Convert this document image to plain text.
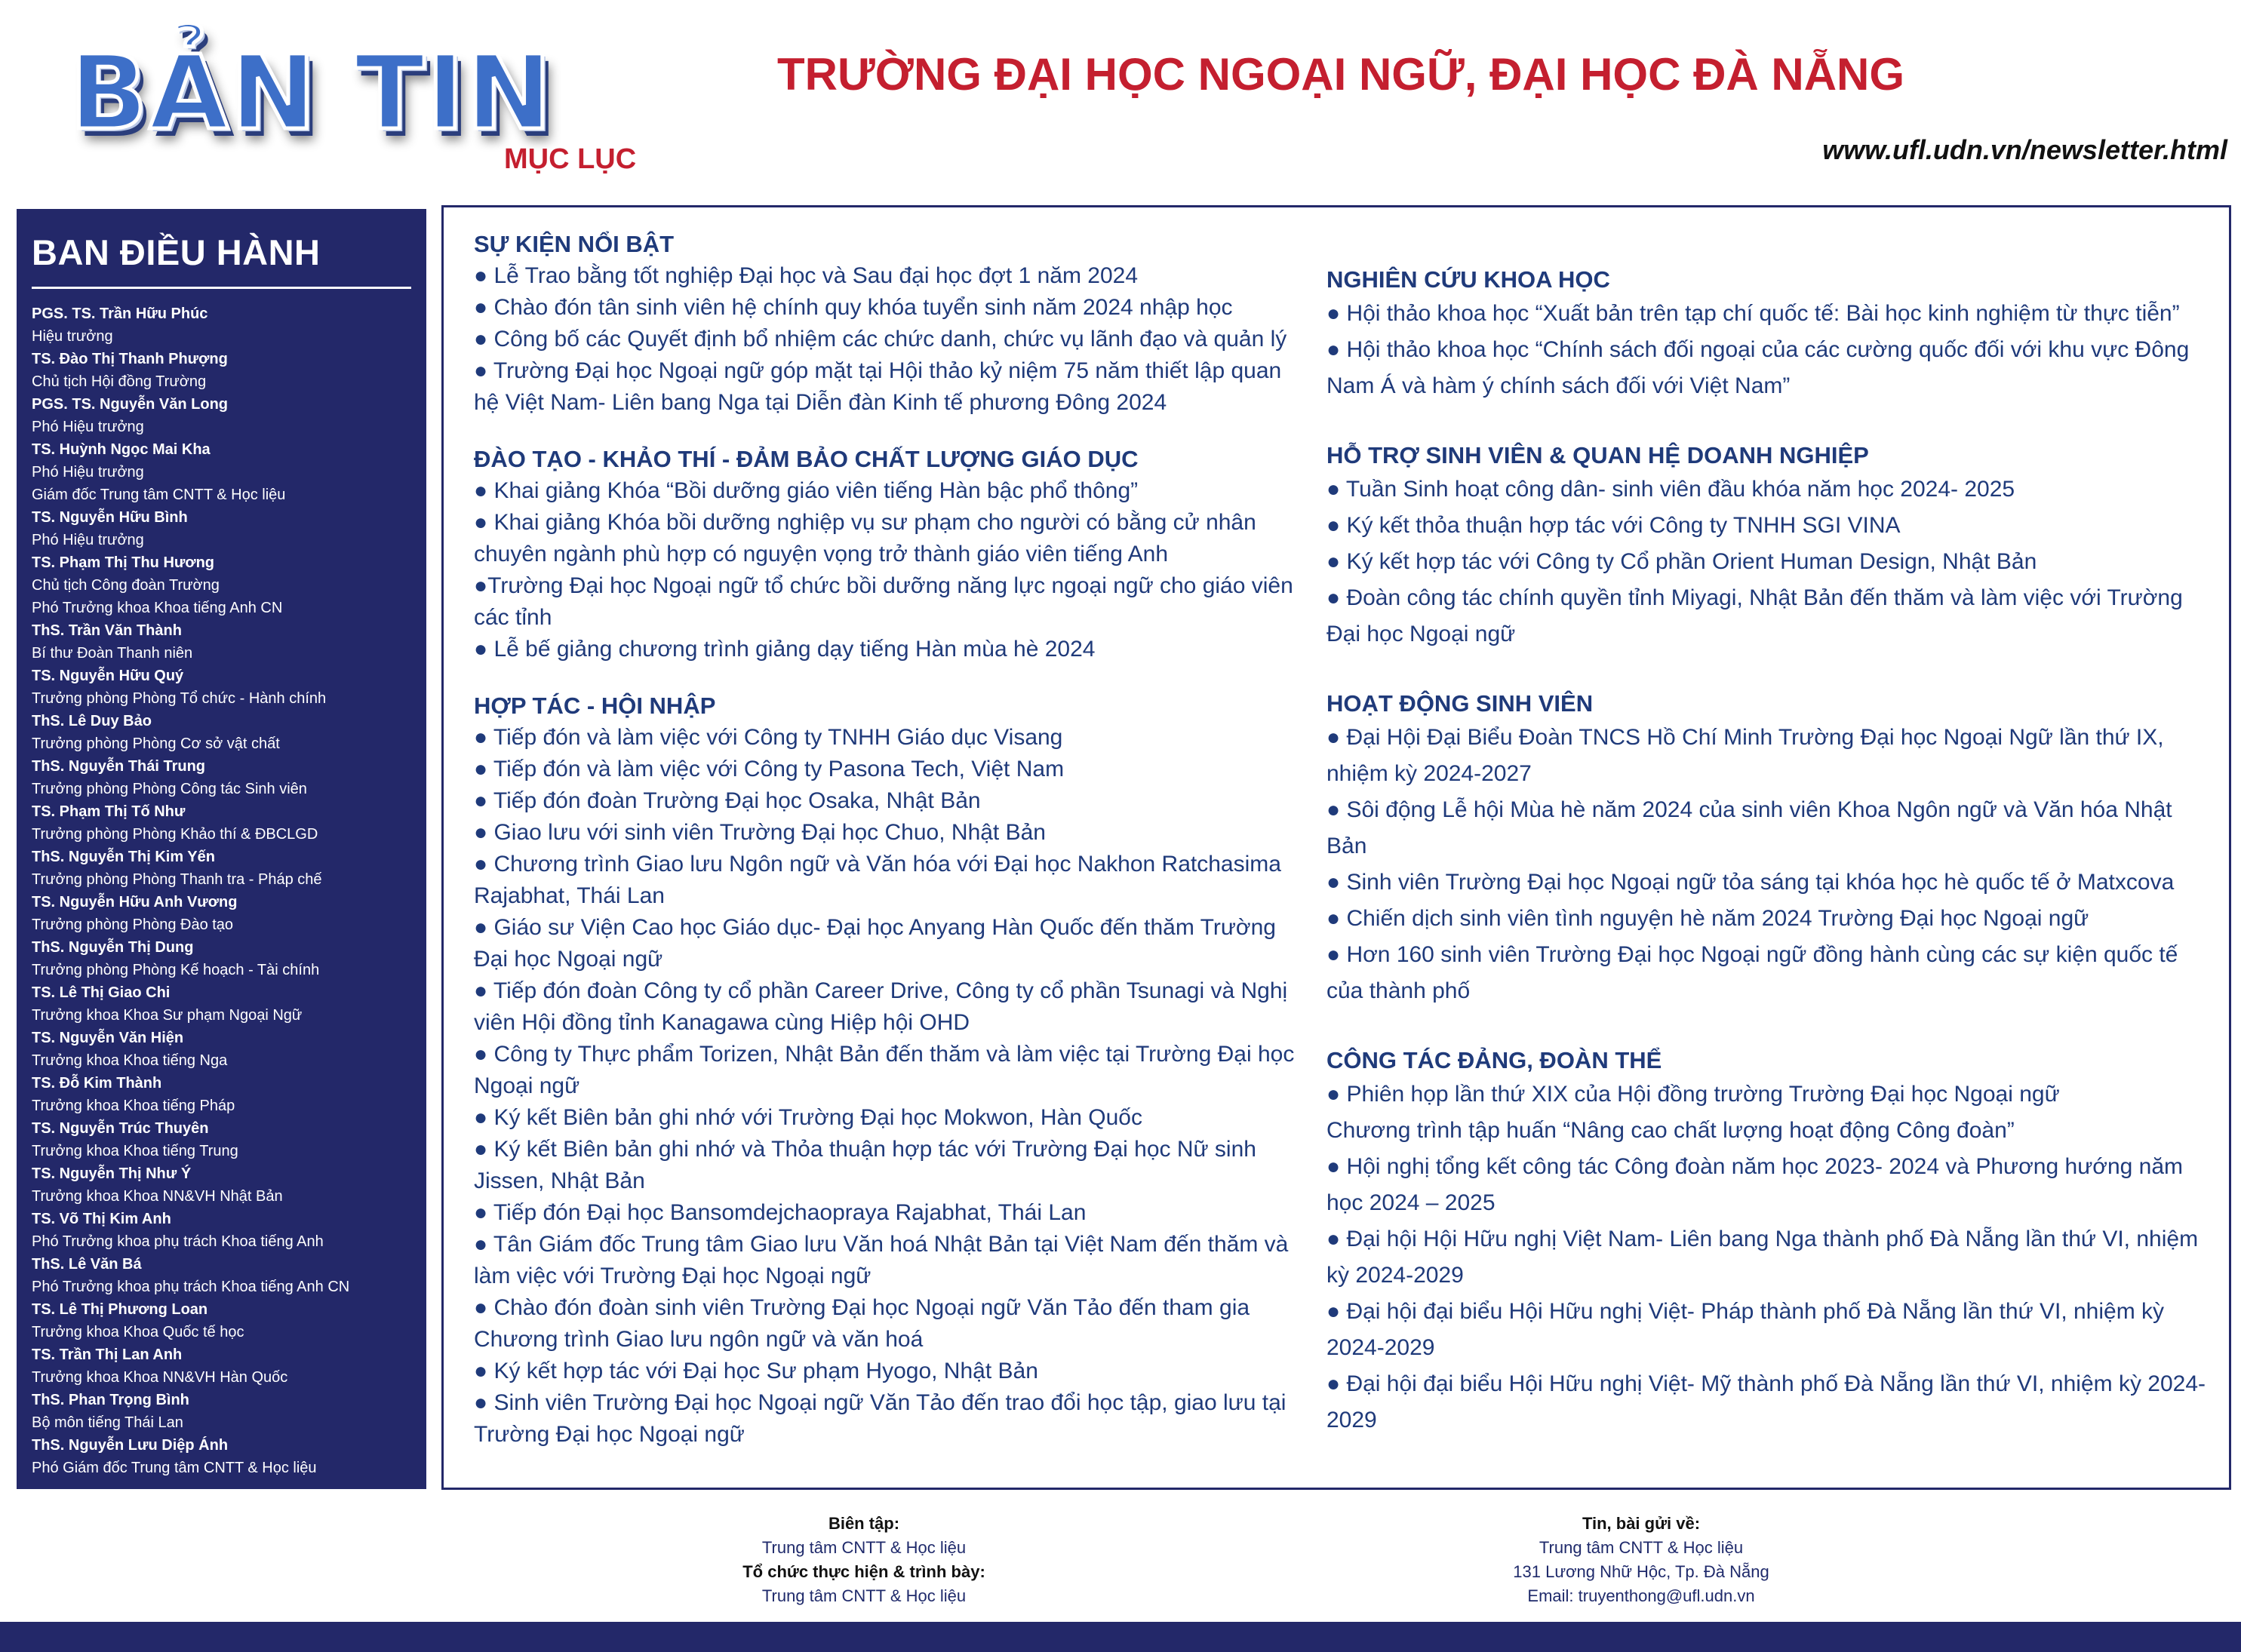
BẢN TIN	TRƯỜNG ĐẠI HỌC NGOẠI NGỮ, ĐẠI HỌC ĐÀ NẴNG
MỤC LỤC	www.ufl.udn.vn/newsletter.html
BAN ĐIỀU HÀNH
PGS. TS. Trần Hữu Phúc
Hiệu trưởng
TS. Đào Thị Thanh Phượng
Chủ tịch Hội đồng Trường
PGS. TS. Nguyễn Văn Long
Phó Hiệu trưởng
TS. Huỳnh Ngọc Mai Kha
Phó Hiệu trưởng
Giám đốc Trung tâm CNTT & Học liệu
TS. Nguyễn Hữu Bình
Phó Hiệu trưởng
TS. Phạm Thị Thu Hương
Chủ tịch Công đoàn Trường
Phó Trưởng khoa Khoa tiếng Anh CN
ThS. Trần Văn Thành
Bí thư Đoàn Thanh niên
TS. Nguyễn Hữu Quý
Trưởng phòng Phòng Tổ chức - Hành chính
ThS. Lê Duy Bảo
Trưởng phòng Phòng Cơ sở vật chất
ThS. Nguyễn Thái Trung
Trưởng phòng Phòng Công tác Sinh viên
TS. Phạm Thị Tố Như
Trưởng phòng Phòng Khảo thí & ĐBCLGD
ThS. Nguyễn Thị Kim Yến
Trưởng phòng Phòng Thanh tra - Pháp chế
TS. Nguyễn Hữu Anh Vương
Trưởng phòng Phòng Đào tạo
ThS. Nguyễn Thị Dung
Trưởng phòng Phòng Kế hoạch - Tài chính
TS. Lê Thị Giao Chi
Trưởng khoa Khoa Sư phạm Ngoại Ngữ
TS. Nguyễn Văn Hiện
Trưởng khoa Khoa tiếng Nga
TS. Đỗ Kim Thành
Trưởng khoa Khoa tiếng Pháp
TS. Nguyễn Trúc Thuyên
Trưởng khoa Khoa tiếng Trung
TS. Nguyễn Thị Như Ý
Trưởng khoa Khoa NN&VH Nhật Bản
TS. Võ Thị Kim Anh
Phó Trưởng khoa phụ trách Khoa tiếng Anh
ThS. Lê Văn Bá
Phó Trưởng khoa phụ trách Khoa tiếng Anh CN
TS. Lê Thị Phương Loan
Trưởng khoa Khoa Quốc tế học
TS. Trần Thị Lan Anh
Trưởng khoa Khoa NN&VH Hàn Quốc
ThS. Phan Trọng Bình
Bộ môn tiếng Thái Lan
ThS. Nguyễn Lưu Diệp Ánh
Phó Giám đốc Trung tâm CNTT & Học liệu
SỰ KIỆN NỔI BẬT
● Lễ Trao bằng tốt nghiệp Đại học và Sau đại học đợt 1 năm 2024
● Chào đón tân sinh viên hệ chính quy khóa tuyển sinh năm 2024 nhập học
● Công bố các Quyết định bổ nhiệm các chức danh, chức vụ lãnh đạo và quản lý
● Trường Đại học Ngoại ngữ góp mặt tại Hội thảo kỷ niệm 75 năm thiết lập quan hệ Việt Nam- Liên bang Nga tại Diễn đàn Kinh tế phương Đông 2024
ĐÀO TẠO - KHẢO THÍ - ĐẢM BẢO CHẤT LƯỢNG GIÁO DỤC
● Khai giảng Khóa “Bồi dưỡng giáo viên tiếng Hàn bậc phổ thông”
● Khai giảng Khóa bồi dưỡng nghiệp vụ sư phạm cho người có bằng cử nhân chuyên ngành phù hợp có nguyện vọng trở thành giáo viên tiếng Anh
●Trường Đại học Ngoại ngữ tổ chức bồi dưỡng năng lực ngoại ngữ cho giáo viên các tỉnh
● Lễ bế giảng chương trình giảng dạy tiếng Hàn mùa hè 2024
HỢP TÁC - HỘI NHẬP
● Tiếp đón và làm việc với Công ty TNHH Giáo dục Visang
● Tiếp đón và làm việc với Công ty Pasona Tech, Việt Nam
● Tiếp đón đoàn Trường Đại học Osaka, Nhật Bản
● Giao lưu với sinh viên Trường Đại học Chuo, Nhật Bản
● Chương trình Giao lưu Ngôn ngữ và Văn hóa với Đại học Nakhon Ratchasima Rajabhat, Thái Lan
● Giáo sư Viện Cao học Giáo dục- Đại học Anyang Hàn Quốc đến thăm Trường Đại học Ngoại ngữ
● Tiếp đón đoàn Công ty cổ phần Career Drive, Công ty cổ phần Tsunagi và Nghị viên Hội đồng tỉnh Kanagawa cùng Hiệp hội OHD
● Công ty Thực phẩm Torizen, Nhật Bản đến thăm và làm việc tại Trường Đại học Ngoại ngữ
● Ký kết Biên bản ghi nhớ với Trường Đại học Mokwon, Hàn Quốc
● Ký kết Biên bản ghi nhớ và Thỏa thuận hợp tác với Trường Đại học Nữ sinh Jissen, Nhật Bản
● Tiếp đón Đại học Bansomdejchaopraya Rajabhat, Thái Lan
● Tân Giám đốc Trung tâm Giao lưu Văn hoá Nhật Bản tại Việt Nam đến thăm và làm việc với Trường Đại học Ngoại ngữ
● Chào đón đoàn sinh viên Trường Đại học Ngoại ngữ Văn Tảo đến tham gia Chương trình Giao lưu ngôn ngữ và văn hoá
● Ký kết hợp tác với Đại học Sư phạm Hyogo, Nhật Bản
● Sinh viên Trường Đại học Ngoại ngữ Văn Tảo đến trao đổi học tập, giao lưu tại Trường Đại học Ngoại ngữ
NGHIÊN CỨU KHOA HỌC
● Hội thảo khoa học “Xuất bản trên tạp chí quốc tế: Bài học kinh nghiệm từ thực tiễn”
● Hội thảo khoa học “Chính sách đối ngoại của các cường quốc đối với khu vực Đông Nam Á và hàm ý chính sách đối với Việt Nam”
HỖ TRỢ SINH VIÊN & QUAN HỆ DOANH NGHIỆP
● Tuần Sinh hoạt công dân- sinh viên đầu khóa năm học 2024- 2025
● Ký kết thỏa thuận hợp tác với Công ty TNHH SGI VINA
● Ký kết hợp tác với Công ty Cổ phần Orient Human Design, Nhật Bản
● Đoàn công tác chính quyền tỉnh Miyagi, Nhật Bản đến thăm và làm việc với Trường Đại học Ngoại ngữ
HOẠT ĐỘNG SINH VIÊN
● Đại Hội Đại Biểu Đoàn TNCS Hồ Chí Minh Trường Đại học Ngoại Ngữ lần thứ IX, nhiệm kỳ 2024-2027
● Sôi động Lễ hội Mùa hè năm 2024 của sinh viên Khoa Ngôn ngữ và Văn hóa Nhật Bản
● Sinh viên Trường Đại học Ngoại ngữ tỏa sáng tại khóa học hè quốc tế ở Matxcova
● Chiến dịch sinh viên tình nguyện hè năm 2024 Trường Đại học Ngoại ngữ
● Hơn 160 sinh viên Trường Đại học Ngoại ngữ đồng hành cùng các sự kiện quốc tế của thành phố
CÔNG TÁC ĐẢNG, ĐOÀN THỂ
● Phiên họp lần thứ XIX của Hội đồng trường Trường Đại học Ngoại ngữ
Chương trình tập huấn “Nâng cao chất lượng hoạt động Công đoàn”
● Hội nghị tổng kết công tác Công đoàn năm học 2023- 2024 và Phương hướng năm học 2024 – 2025
● Đại hội Hội Hữu nghị Việt Nam- Liên bang Nga thành phố Đà Nẵng lần thứ VI, nhiệm kỳ 2024-2029
● Đại hội đại biểu Hội Hữu nghị Việt- Pháp thành phố Đà Nẵng lần thứ VI, nhiệm kỳ 2024-2029
● Đại hội đại biểu Hội Hữu nghị Việt- Mỹ thành phố Đà Nẵng lần thứ VI, nhiệm kỳ 2024-2029
Biên tập:
Trung tâm CNTT & Học liệu
Tổ chức thực hiện & trình bày:
Trung tâm CNTT & Học liệu
Tin, bài gửi về:
Trung tâm CNTT & Học liệu
131 Lương Nhữ Hộc, Tp. Đà Nẵng
Email: truyenthong@ufl.udn.vn
